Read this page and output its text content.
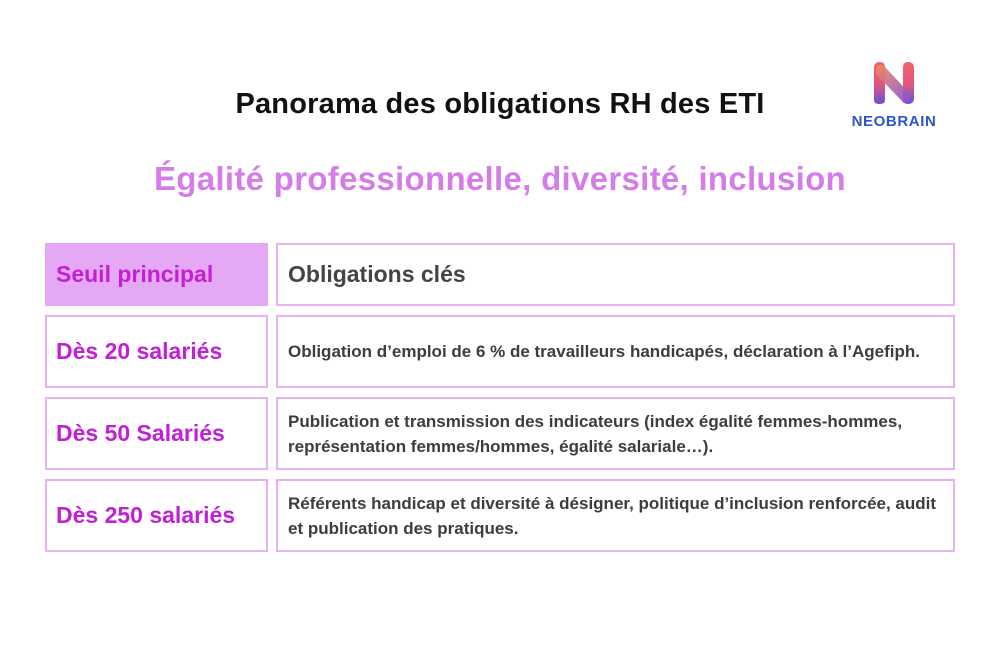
Panorama des obligations RH des ETI
NEOBRAIN
Égalité professionnelle, diversité, inclusion
Seuil principal	Obligations clés
Dès 20 salariés	Obligation d’emploi de 6 % de travailleurs handicapés, déclaration à l’Agefiph.
Dès 50 Salariés	Publication et transmission des indicateurs (index égalité femmes-hommes, représentation femmes/hommes, égalité salariale…).
Dès 250 salariés	Référents handicap et diversité à désigner, politique d’inclusion renforcée, audit et publication des pratiques.
